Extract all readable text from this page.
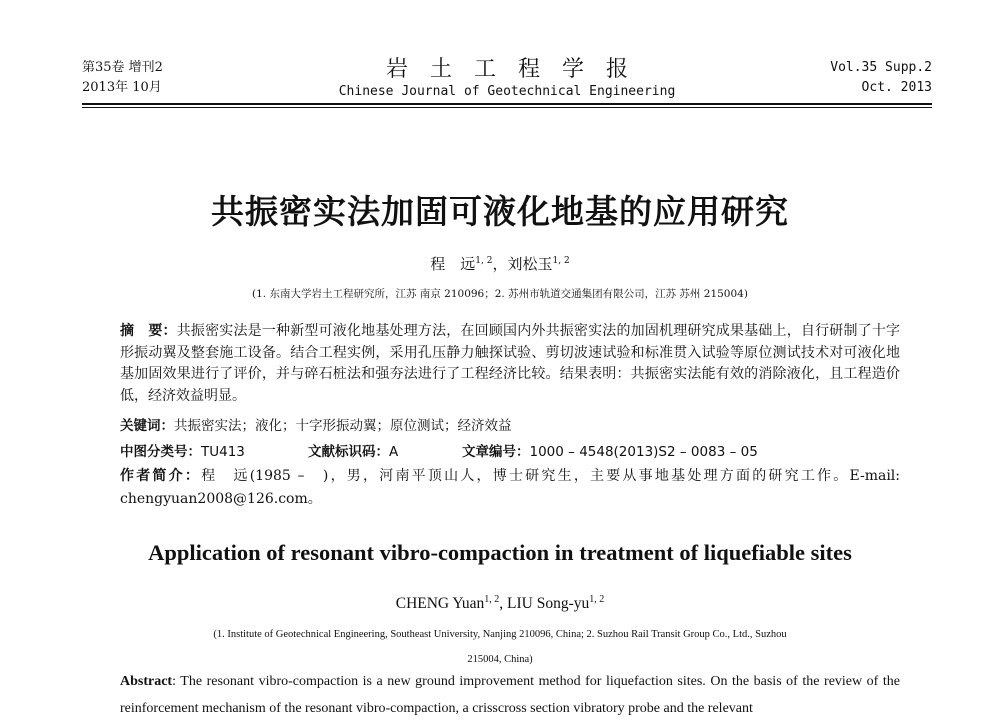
第35卷 增刊2
2013年 10月
岩土工程学报
Chinese Journal of Geotechnical Engineering
Vol.35 Supp.2
Oct. 2013
共振密实法加固可液化地基的应用研究
程　远$^{1, 2}$，刘松玉$^{1, 2}$
(1. 东南大学岩土工程研究所，江苏 南京 210096；2. 苏州市轨道交通集团有限公司，江苏 苏州 215004)
摘　要：共振密实法是一种新型可液化地基处理方法，在回顾国内外共振密实法的加固机理研究成果基础上，自行研制了十字形振动翼及整套施工设备。结合工程实例，采用孔压静力触探试验、剪切波速试验和标准贯入试验等原位测试技术对可液化地基加固效果进行了评价，并与碎石桩法和强夯法进行了工程经济比较。结果表明：共振密实法能有效的消除液化，且工程造价低，经济效益明显。
关键词：共振密实法；液化；十字形振动翼；原位测试；经济效益
中图分类号：TU413	文献标识码：A	文章编号：1000 – 4548(2013)S2 – 0083 – 05
作者简介：程　远(1985 –　)，男，河南平顶山人，博士研究生，主要从事地基处理方面的研究工作。E-mail: chengyuan2008@126.com。
Application of resonant vibro-compaction in treatment of liquefiable sites
CHENG Yuan$^{1, 2}$, LIU Song-yu$^{1, 2}$
(1. Institute of Geotechnical Engineering, Southeast University, Nanjing 210096, China; 2. Suzhou Rail Transit Group Co., Ltd., Suzhou
215004, China)
Abstract: The resonant vibro-compaction is a new ground improvement method for liquefaction sites. On the basis of the review of the reinforcement mechanism of the resonant vibro-compaction, a crisscross section vibratory probe and the relevant
